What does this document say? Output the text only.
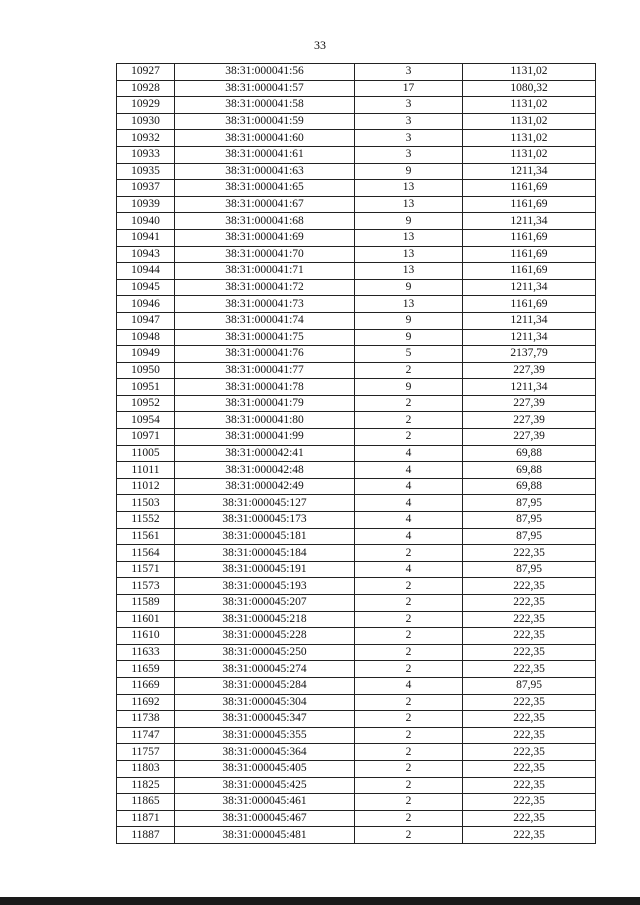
33
10927	38:31:000041:56	3	1131,02
10928	38:31:000041:57	17	1080,32
10929	38:31:000041:58	3	1131,02
10930	38:31:000041:59	3	1131,02
10932	38:31:000041:60	3	1131,02
10933	38:31:000041:61	3	1131,02
10935	38:31:000041:63	9	1211,34
10937	38:31:000041:65	13	1161,69
10939	38:31:000041:67	13	1161,69
10940	38:31:000041:68	9	1211,34
10941	38:31:000041:69	13	1161,69
10943	38:31:000041:70	13	1161,69
10944	38:31:000041:71	13	1161,69
10945	38:31:000041:72	9	1211,34
10946	38:31:000041:73	13	1161,69
10947	38:31:000041:74	9	1211,34
10948	38:31:000041:75	9	1211,34
10949	38:31:000041:76	5	2137,79
10950	38:31:000041:77	2	227,39
10951	38:31:000041:78	9	1211,34
10952	38:31:000041:79	2	227,39
10954	38:31:000041:80	2	227,39
10971	38:31:000041:99	2	227,39
11005	38:31:000042:41	4	69,88
11011	38:31:000042:48	4	69,88
11012	38:31:000042:49	4	69,88
11503	38:31:000045:127	4	87,95
11552	38:31:000045:173	4	87,95
11561	38:31:000045:181	4	87,95
11564	38:31:000045:184	2	222,35
11571	38:31:000045:191	4	87,95
11573	38:31:000045:193	2	222,35
11589	38:31:000045:207	2	222,35
11601	38:31:000045:218	2	222,35
11610	38:31:000045:228	2	222,35
11633	38:31:000045:250	2	222,35
11659	38:31:000045:274	2	222,35
11669	38:31:000045:284	4	87,95
11692	38:31:000045:304	2	222,35
11738	38:31:000045:347	2	222,35
11747	38:31:000045:355	2	222,35
11757	38:31:000045:364	2	222,35
11803	38:31:000045:405	2	222,35
11825	38:31:000045:425	2	222,35
11865	38:31:000045:461	2	222,35
11871	38:31:000045:467	2	222,35
11887	38:31:000045:481	2	222,35
